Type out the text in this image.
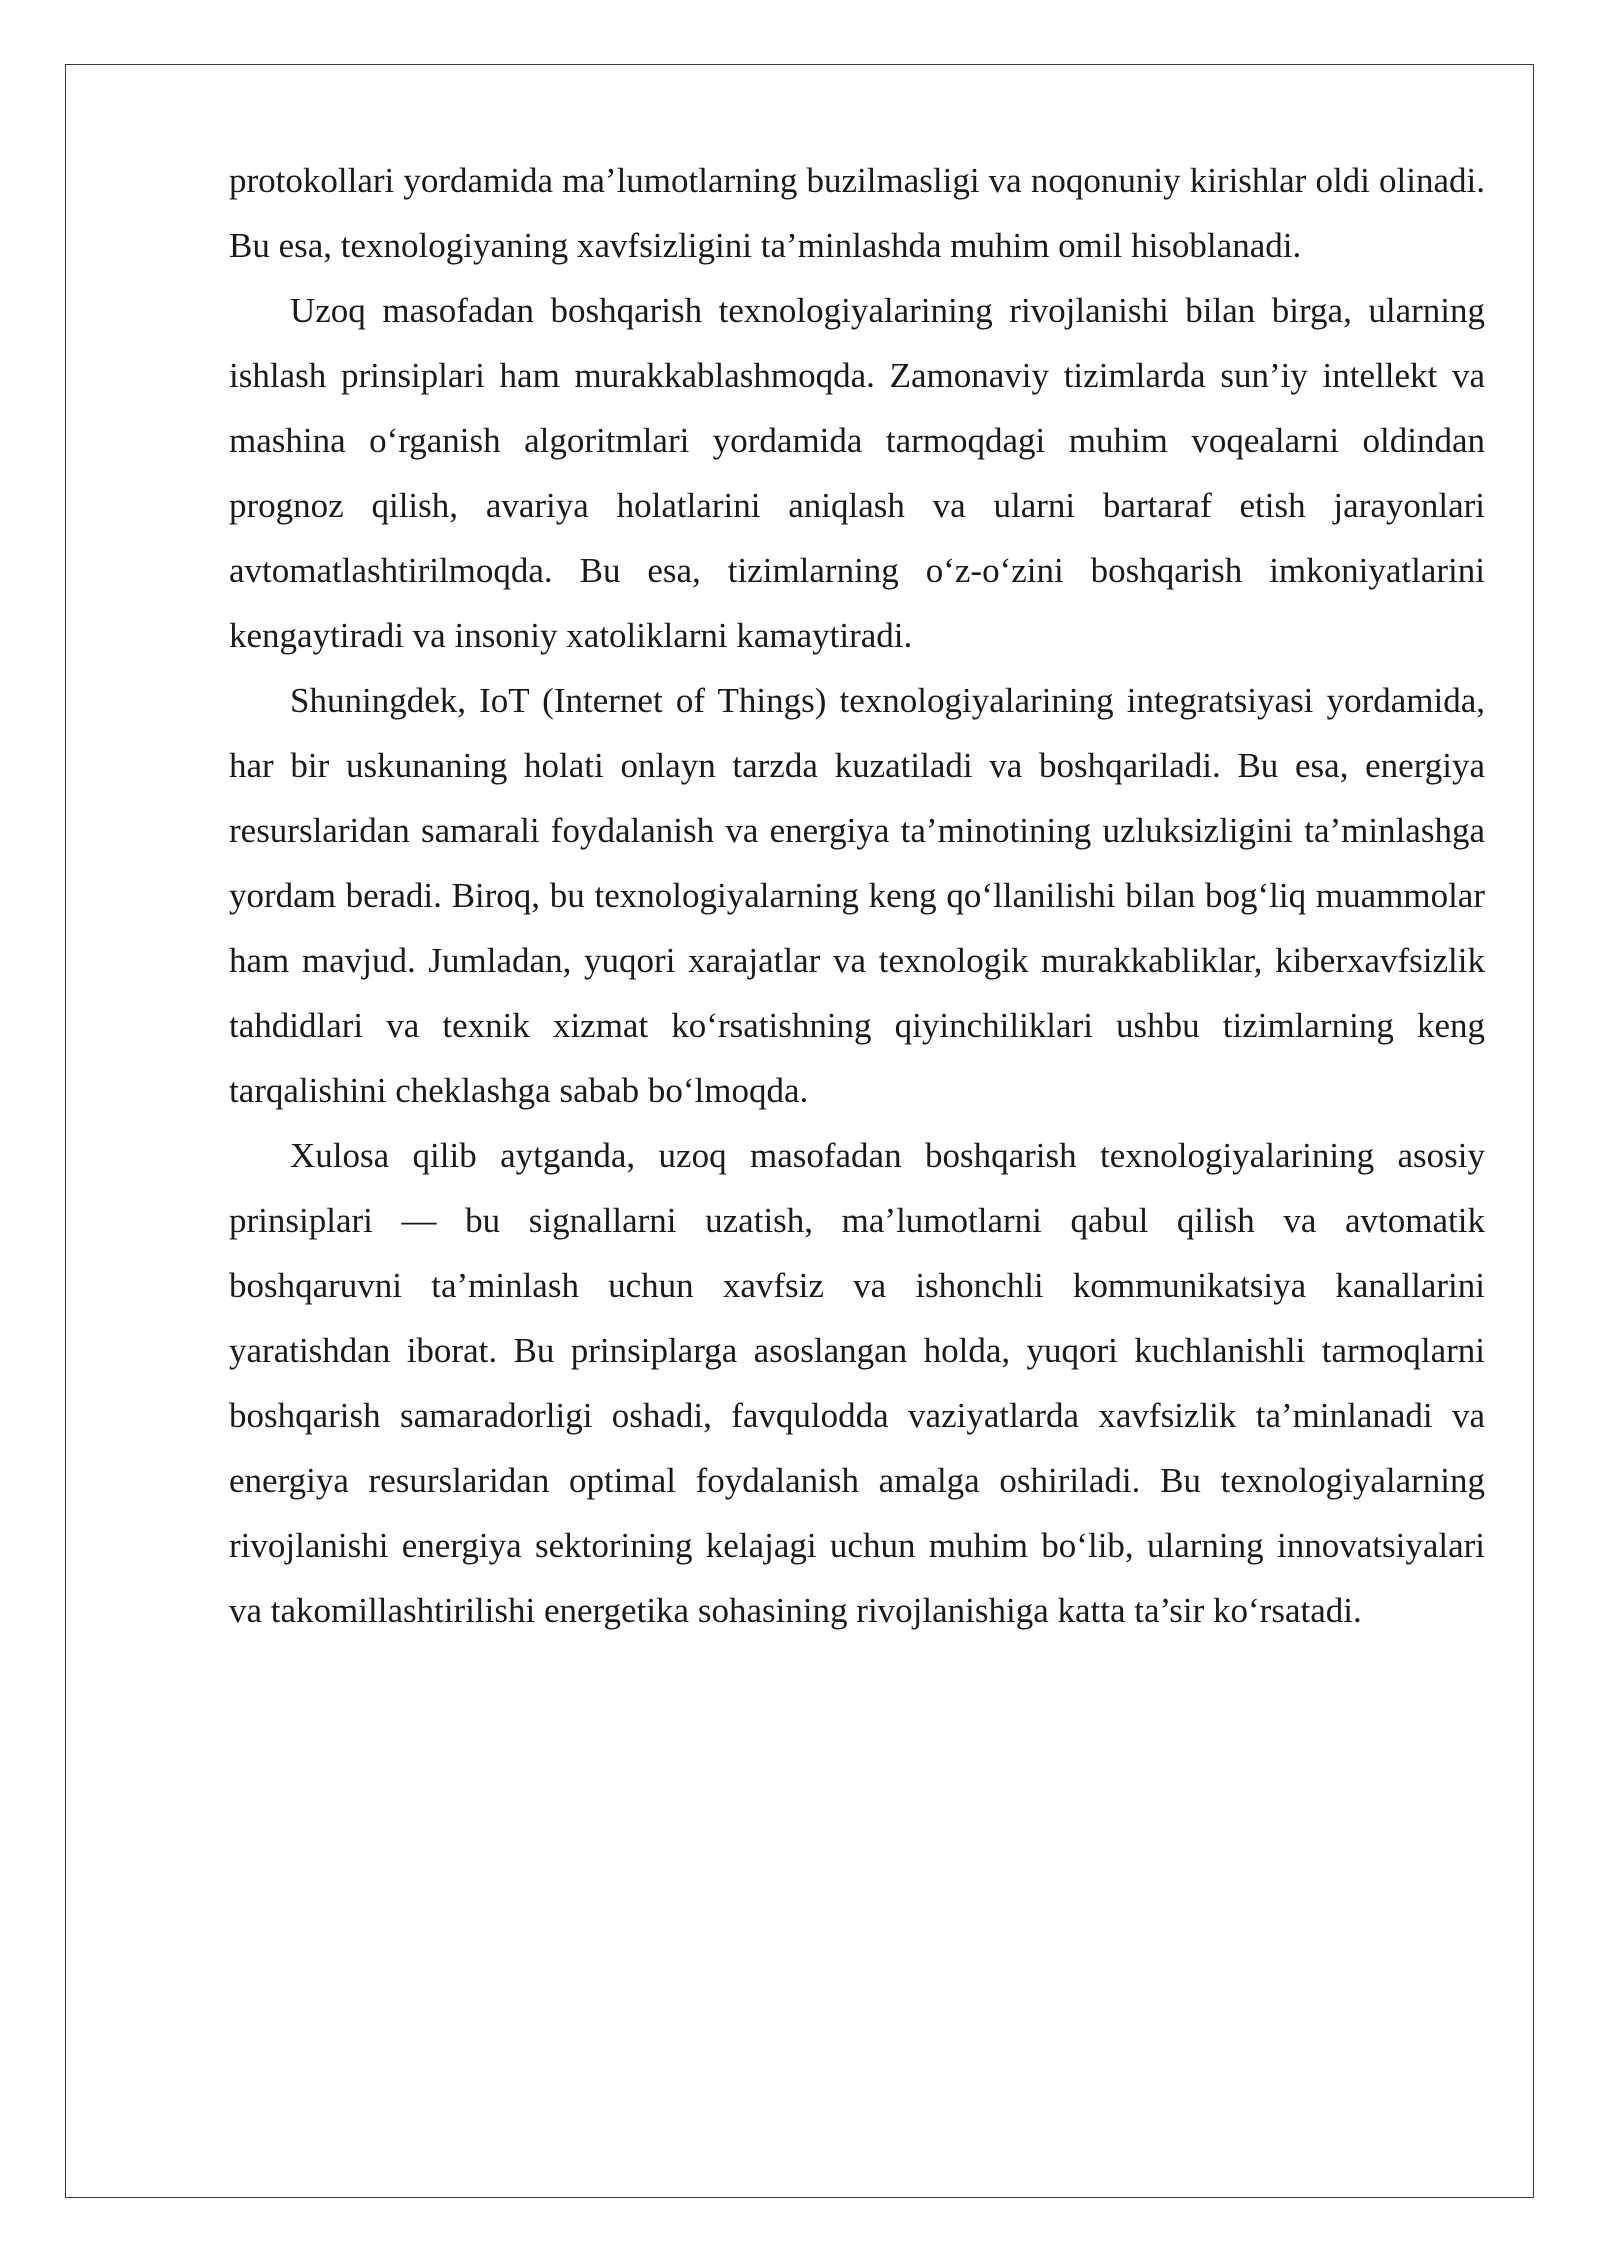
protokollari yordamida ma’lumotlarning buzilmasligi va noqonuniy kirishlar oldi olinadi. Bu esa, texnologiyaning xavfsizligini ta’minlashda muhim omil hisoblanadi.

Uzoq masofadan boshqarish texnologiyalarining rivojlanishi bilan birga, ularning ishlash prinsiplari ham murakkablashmoqda. Zamonaviy tizimlarda sun’iy intellekt va mashina o‘rganish algoritmlari yordamida tarmoqdagi muhim voqealarni oldindan prognoz qilish, avariya holatlarini aniqlash va ularni bartaraf etish jarayonlari avtomatlashtirilmoqda. Bu esa, tizimlarning o‘z-o‘zini boshqarish imkoniyatlarini kengaytiradi va insoniy xatoliklarni kamaytiradi.

Shuningdek, IoT (Internet of Things) texnologiyalarining integratsiyasi yordamida, har bir uskunaning holati onlayn tarzda kuzatiladi va boshqariladi. Bu esa, energiya resurslaridan samarali foydalanish va energiya ta’minotining uzluksizligini ta’minlashga yordam beradi. Biroq, bu texnologiyalarning keng qo‘llanilishi bilan bog‘liq muammolar ham mavjud. Jumladan, yuqori xarajatlar va texnologik murakkabliklar, kiberxavfsizlik tahdidlari va texnik xizmat ko‘rsatishning qiyinchiliklari ushbu tizimlarning keng tarqalishini cheklashga sabab bo‘lmoqda.

Xulosa qilib aytganda, uzoq masofadan boshqarish texnologiyalarining asosiy prinsiplari — bu signallarni uzatish, ma’lumotlarni qabul qilish va avtomatik boshqaruvni ta’minlash uchun xavfsiz va ishonchli kommunikatsiya kanallarini yaratishdan iborat. Bu prinsiplarga asoslangan holda, yuqori kuchlanishli tarmoqlarni boshqarish samaradorligi oshadi, favqulodda vaziyatlarda xavfsizlik ta’minlanadi va energiya resurslaridan optimal foydalanish amalga oshiriladi. Bu texnologiyalarning rivojlanishi energiya sektorining kelajagi uchun muhim bo‘lib, ularning innovatsiyalari va takomillashtirilishi energetika sohasining rivojlanishiga katta ta’sir ko‘rsatadi.
